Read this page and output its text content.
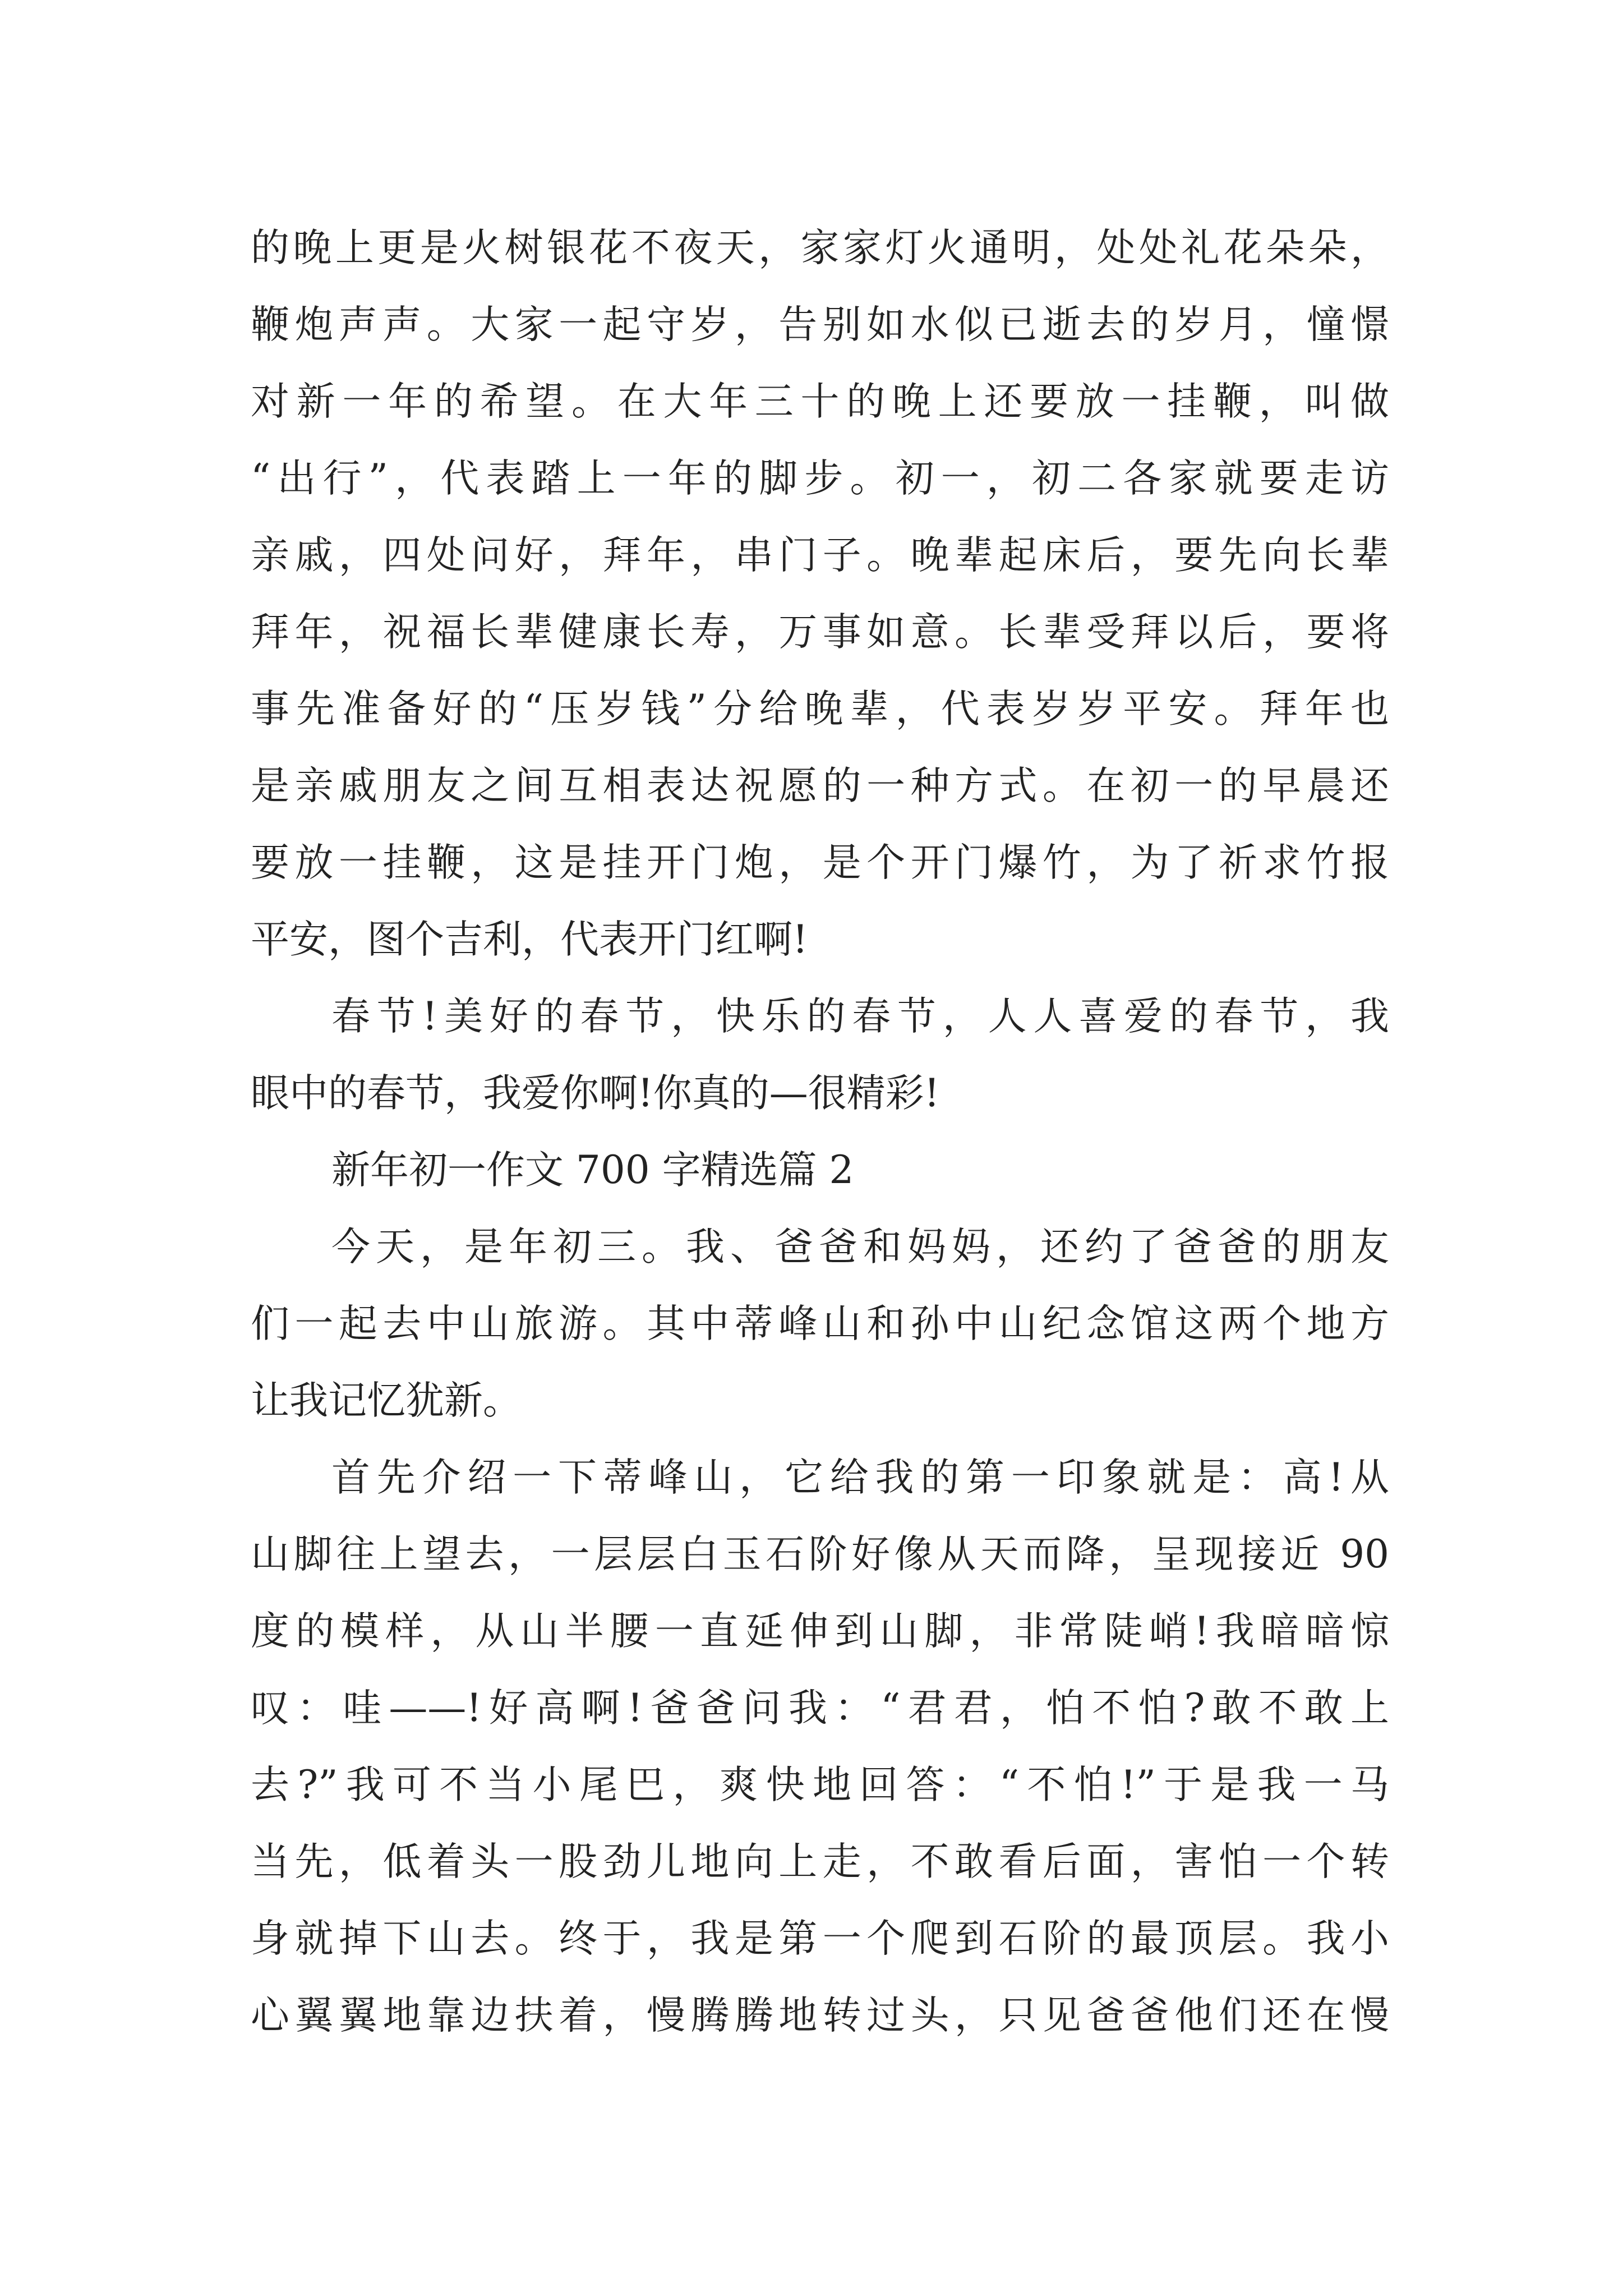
的晚上更是火树银花不夜天，家家灯火通明，处处礼花朵朵，
鞭炮声声。大家一起守岁，告别如水似已逝去的岁月，憧憬
对新一年的希望。在大年三十的晚上还要放一挂鞭，叫做
“出行”，代表踏上一年的脚步。初一，初二各家就要走访
亲戚，四处问好，拜年，串门子。晚辈起床后，要先向长辈
拜年，祝福长辈健康长寿，万事如意。长辈受拜以后，要将
事先准备好的“压岁钱”分给晚辈，代表岁岁平安。拜年也
是亲戚朋友之间互相表达祝愿的一种方式。在初一的早晨还
要放一挂鞭，这是挂开门炮，是个开门爆竹，为了祈求竹报
平安，图个吉利，代表开门红啊!
春节!美好的春节，快乐的春节，人人喜爱的春节，我
眼中的春节，我爱你啊!你真的—很精彩!
新年初一作文 700 字精选篇 2
今天，是年初三。我、爸爸和妈妈，还约了爸爸的朋友
们一起去中山旅游。其中蒂峰山和孙中山纪念馆这两个地方
让我记忆犹新。
首先介绍一下蒂峰山，它给我的第一印象就是：高!从
山脚往上望去，一层层白玉石阶好像从天而降，呈现接近 90
度的模样，从山半腰一直延伸到山脚，非常陡峭!我暗暗惊
叹：哇——!好高啊!爸爸问我：“君君，怕不怕?敢不敢上
去?”我可不当小尾巴，爽快地回答：“不怕!”于是我一马
当先，低着头一股劲儿地向上走，不敢看后面，害怕一个转
身就掉下山去。终于，我是第一个爬到石阶的最顶层。我小
心翼翼地靠边扶着，慢腾腾地转过头，只见爸爸他们还在慢
